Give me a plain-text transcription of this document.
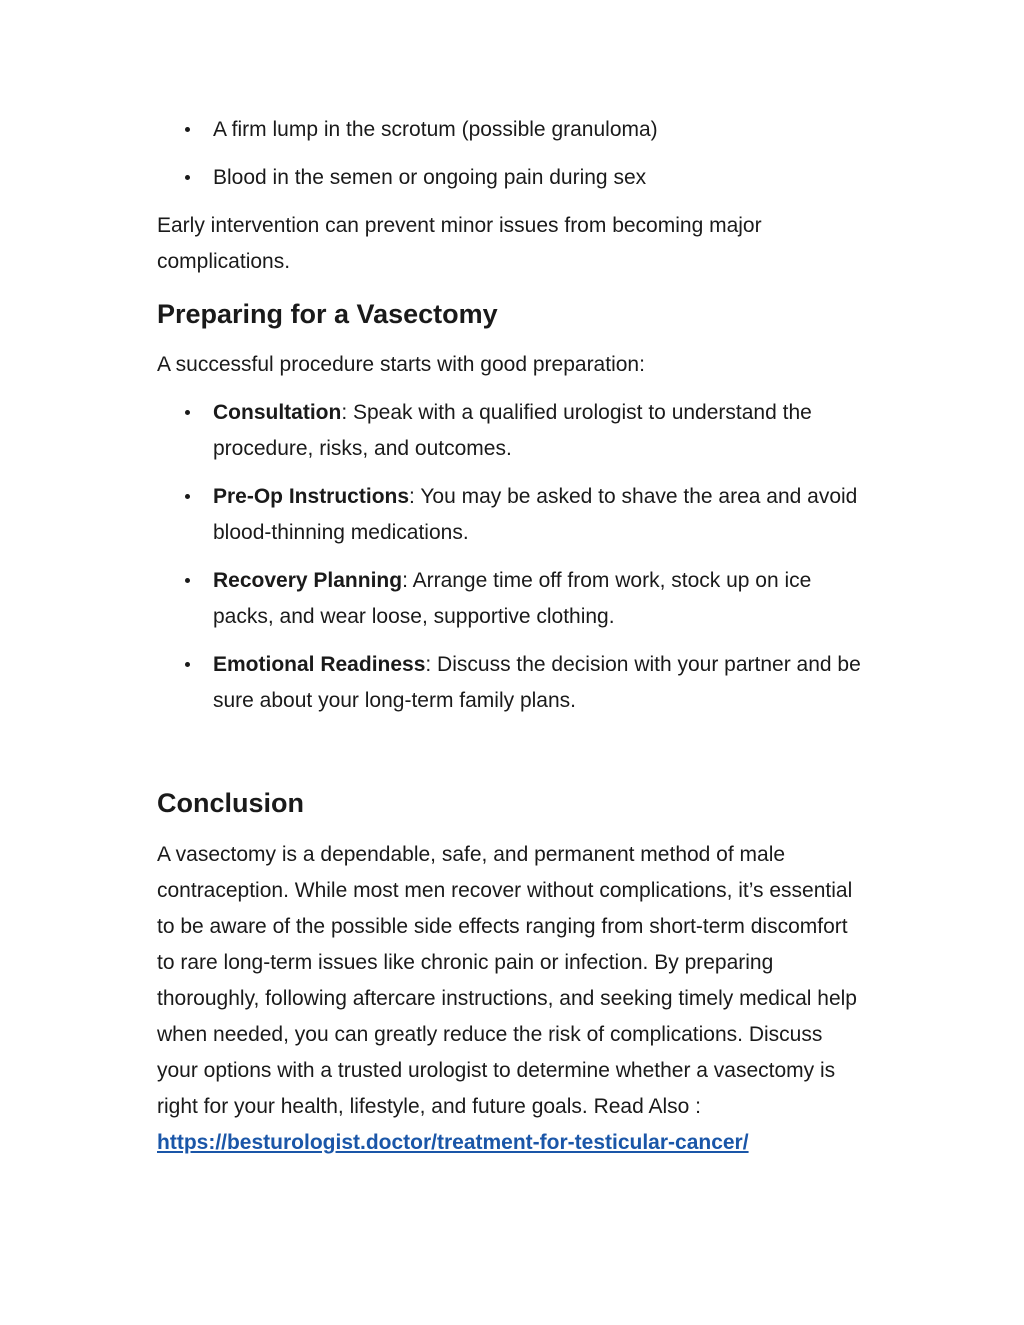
A firm lump in the scrotum (possible granuloma)
Blood in the semen or ongoing pain during sex

Early intervention can prevent minor issues from becoming major complications.

Preparing for a Vasectomy

A successful procedure starts with good preparation:

Consultation: Speak with a qualified urologist to understand the procedure, risks, and outcomes.
Pre-Op Instructions: You may be asked to shave the area and avoid blood-thinning medications.
Recovery Planning: Arrange time off from work, stock up on ice packs, and wear loose, supportive clothing.
Emotional Readiness: Discuss the decision with your partner and be sure about your long-term family plans.
Conclusion

A vasectomy is a dependable, safe, and permanent method of male contraception. While most men recover without complications, it’s essential to be aware of the possible side effects ranging from short-term discomfort to rare long-term issues like chronic pain or infection. By preparing thoroughly, following aftercare instructions, and seeking timely medical help when needed, you can greatly reduce the risk of complications. Discuss your options with a trusted urologist to determine whether a vasectomy is right for your health, lifestyle, and future goals. Read Also :

https://besturologist.doctor/treatment-for-testicular-cancer/
